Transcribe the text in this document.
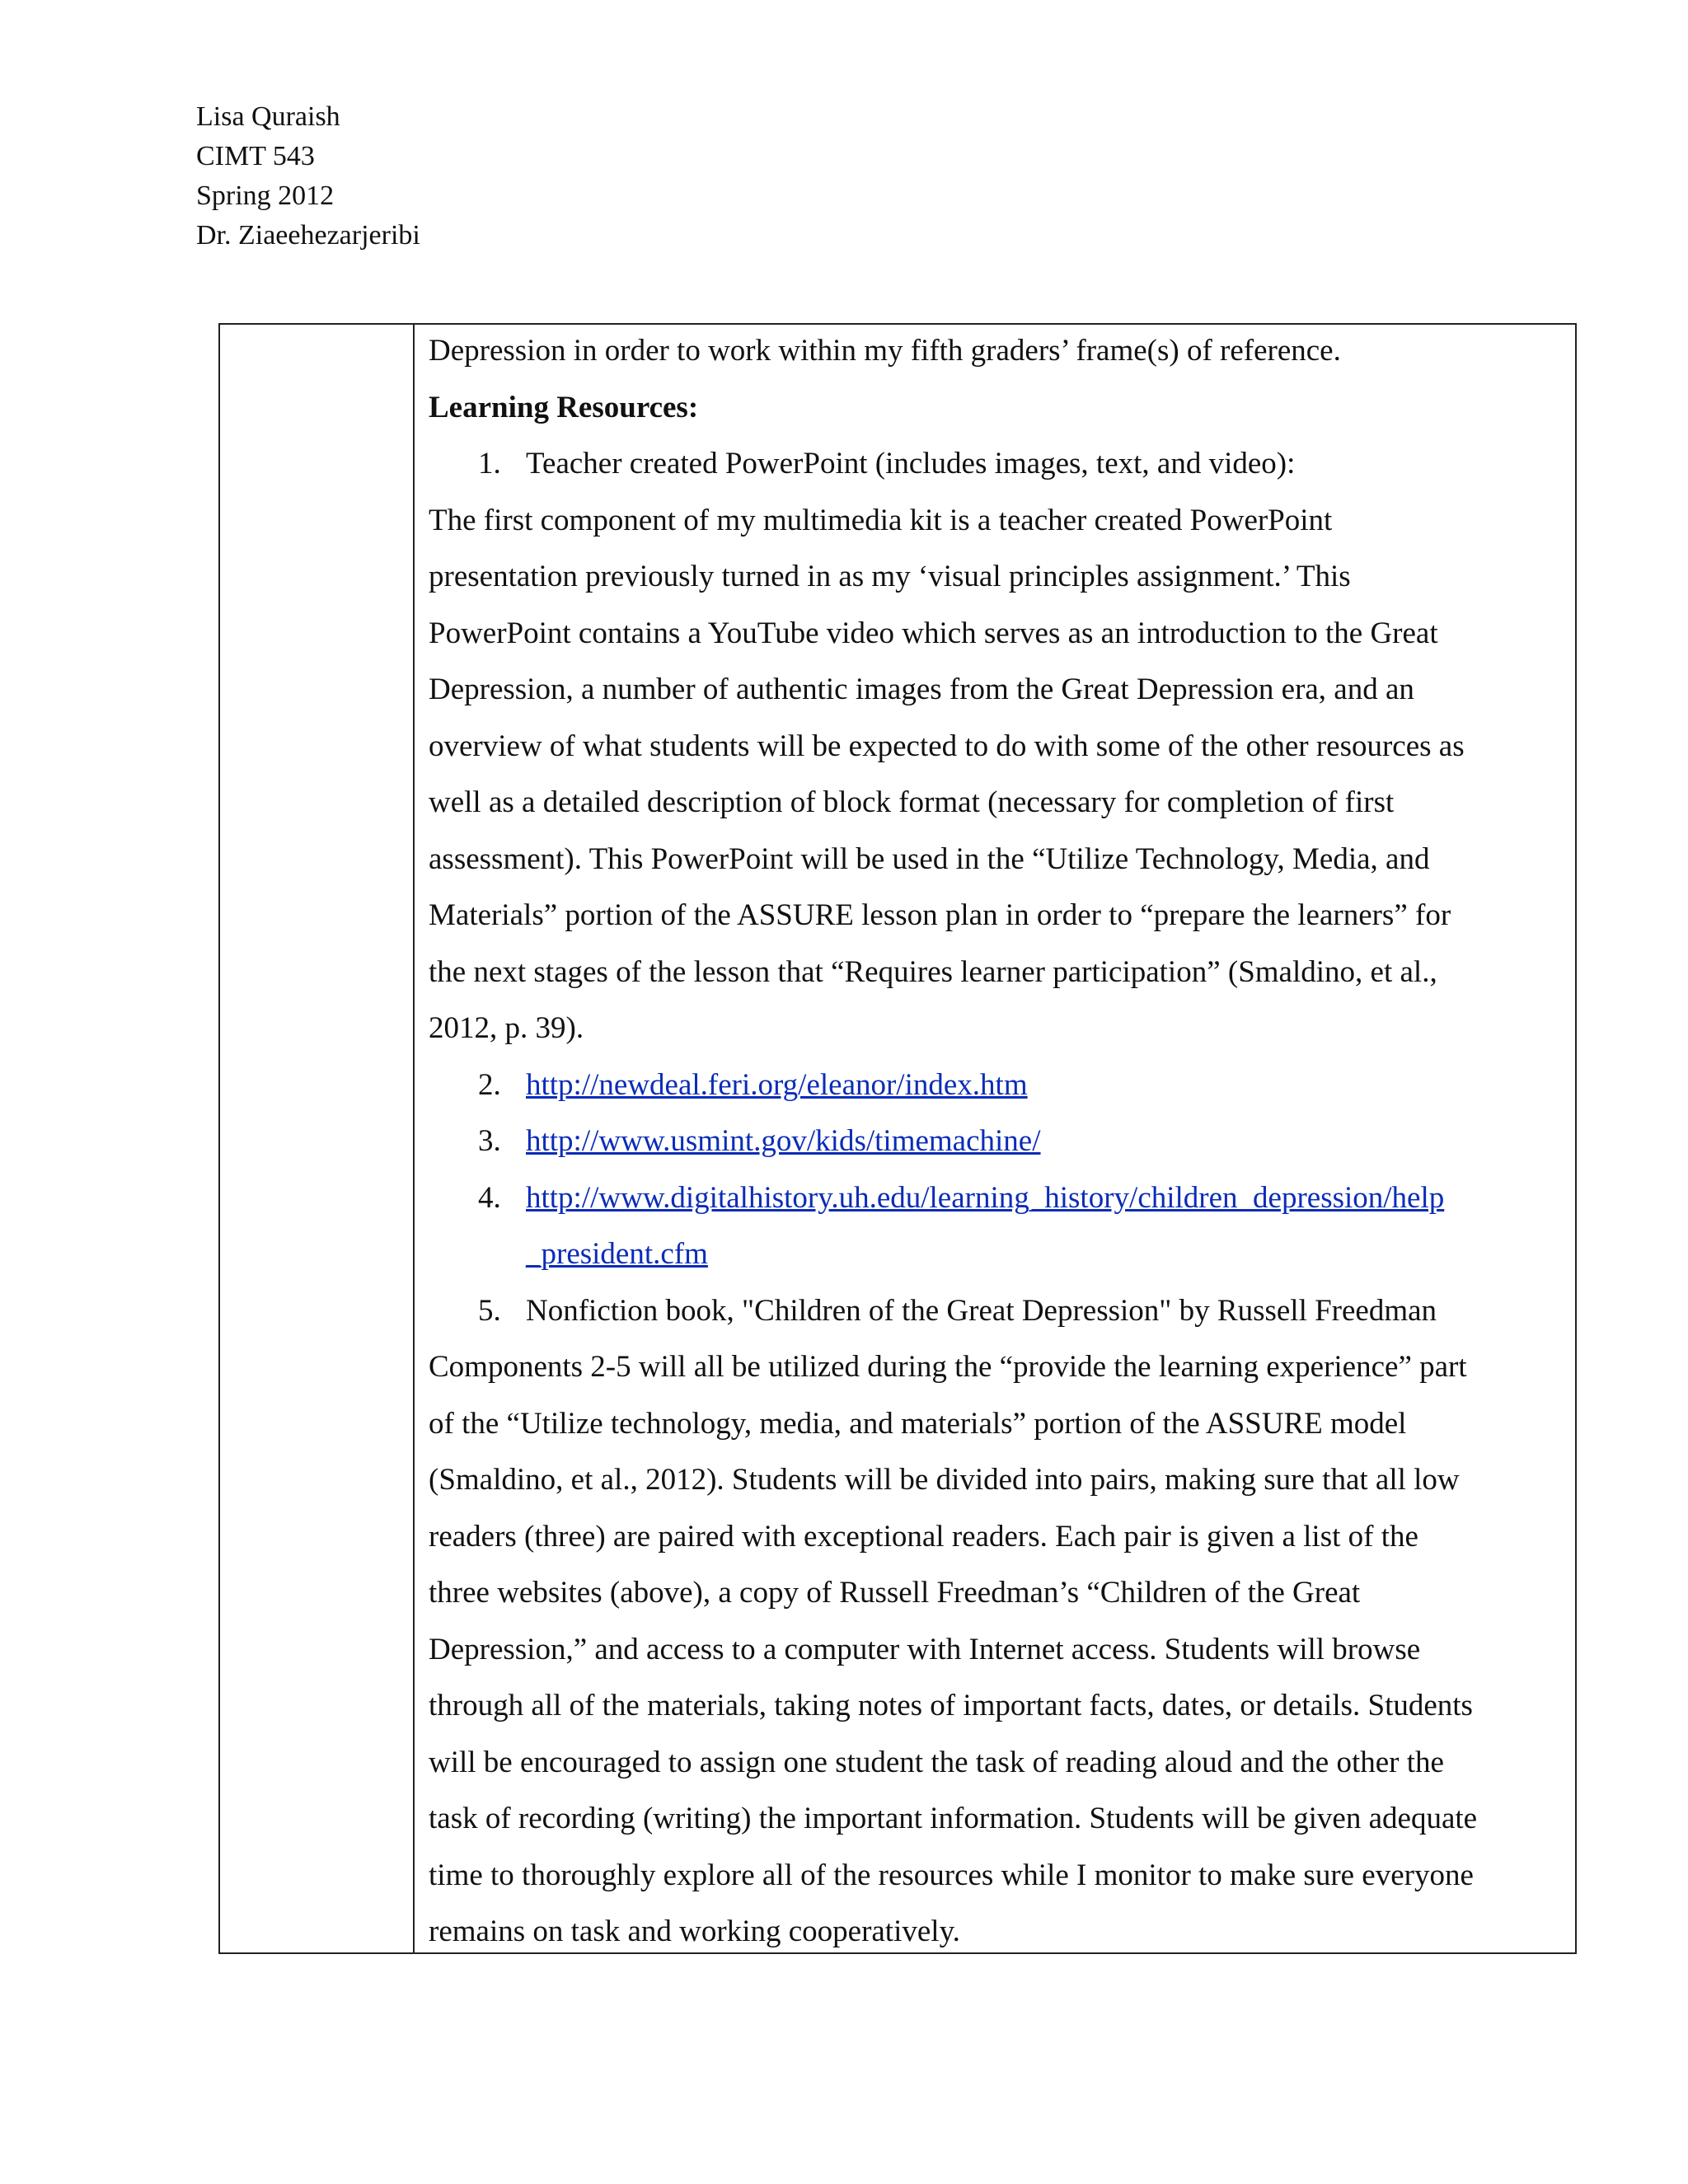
Lisa Quraish
CIMT 543
Spring 2012
Dr. Ziaeehezarjeribi
Depression in order to work within my fifth graders’ frame(s) of reference.
Learning Resources:
1. Teacher created PowerPoint (includes images, text, and video):
The first component of my multimedia kit is a teacher created PowerPoint
presentation previously turned in as my ‘visual principles assignment.’ This
PowerPoint contains a YouTube video which serves as an introduction to the Great
Depression, a number of authentic images from the Great Depression era, and an
overview of what students will be expected to do with some of the other resources as
well as a detailed description of block format (necessary for completion of first
assessment). This PowerPoint will be used in the “Utilize Technology, Media, and
Materials” portion of the ASSURE lesson plan in order to “prepare the learners” for
the next stages of the lesson that “Requires learner participation” (Smaldino, et al.,
2012, p. 39).
2. http://newdeal.feri.org/eleanor/index.htm
3. http://www.usmint.gov/kids/timemachine/
4. http://www.digitalhistory.uh.edu/learning_history/children_depression/help
_president.cfm
5. Nonfiction book, "Children of the Great Depression" by Russell Freedman
Components 2-5 will all be utilized during the “provide the learning experience” part
of the “Utilize technology, media, and materials” portion of the ASSURE model
(Smaldino, et al., 2012). Students will be divided into pairs, making sure that all low
readers (three) are paired with exceptional readers. Each pair is given a list of the
three websites (above), a copy of Russell Freedman’s “Children of the Great
Depression,” and access to a computer with Internet access. Students will browse
through all of the materials, taking notes of important facts, dates, or details. Students
will be encouraged to assign one student the task of reading aloud and the other the
task of recording (writing) the important information. Students will be given adequate
time to thoroughly explore all of the resources while I monitor to make sure everyone
remains on task and working cooperatively.
